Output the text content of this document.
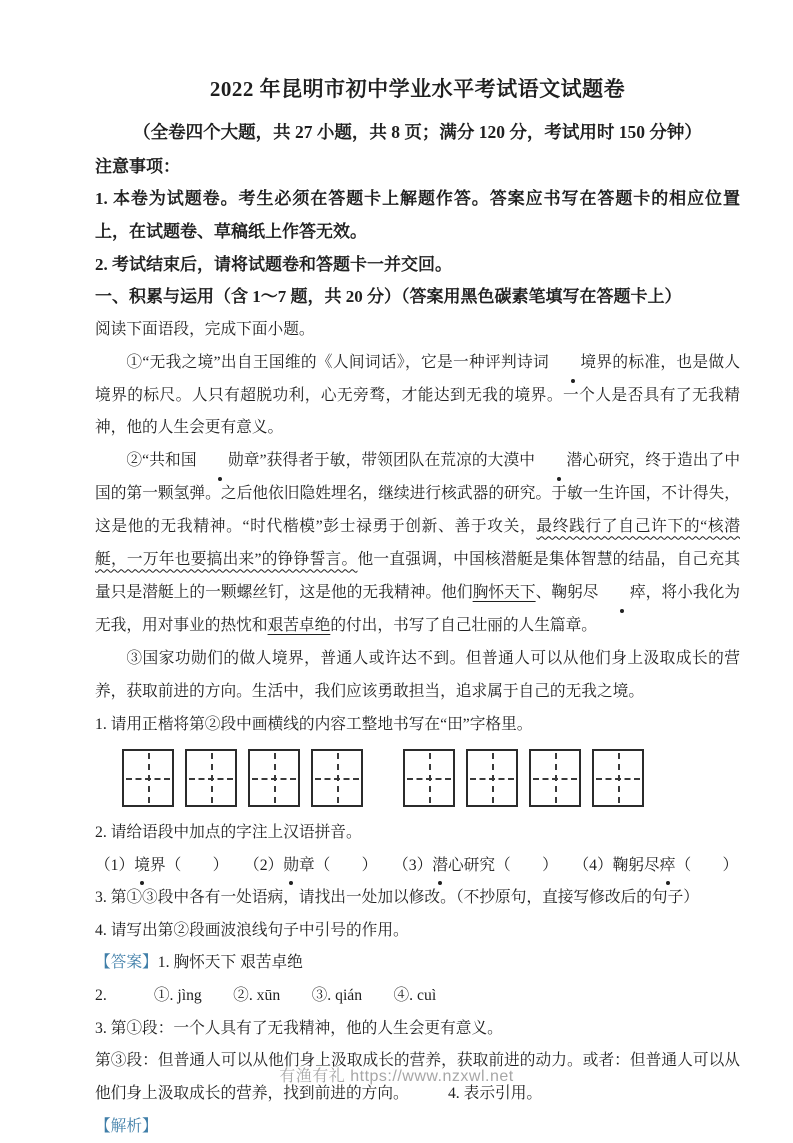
2022 年昆明市初中学业水平考试语文试题卷

（全卷四个大题，共 27 小题，共 8 页；满分 120 分，考试用时 150 分钟）

注意事项：

1. 本卷为试题卷。考生必须在答题卡上解题作答。答案应书写在答题卡的相应位置上，在试题卷、草稿纸上作答无效。

2. 考试结束后，请将试题卷和答题卡一并交回。

一、积累与运用（含 1～7 题，共 20 分）（答案用黑色碳素笔填写在答题卡上）

阅读下面语段，完成下面小题。

①“无我之境”出自王国维的《人间词话》，它是一种评判诗词 境界的标准，也是做人境界的标尺。人只有超脱功利，心无旁骛，才能达到无我的境界。一个人是否具有了无我精神，他的人生会更有意义。

②“共和国 勋章”获得者于敏，带领团队在荒凉的大漠中 潜心研究，终于造出了中国的第一颗氢弹。之后他依旧隐姓埋名，继续进行核武器的研究。于敏一生许国，不计得失，这是他的无我精神。“时代楷模”彭士禄勇于创新、善于攻关，最终践行了自己许下的“核潜艇，一万年也要搞出来”的铮铮誓言。他一直强调，中国核潜艇是集体智慧的结晶，自己充其量只是潜艇上的一颗螺丝钉，这是他的无我精神。他们胸怀天下、鞠躬尽 瘁，将小我化为无我，用对事业的热忱和艰苦卓绝的付出，书写了自己壮丽的人生篇章。

③国家功勋们的做人境界，普通人或许达不到。但普通人可以从他们身上汲取成长的营养，获取前进的方向。生活中，我们应该勇敢担当，追求属于自己的无我之境。

1. 请用正楷将第②段中画横线的内容工整地书写在“田”字格里。

2. 请给语段中加点的字注上汉语拼音。

（1）境界（　　）　　（2）勋章（　　）　　（3）潜心研究（　　）　　（4）鞠躬尽瘁（　　）

3. 第①③段中各有一处语病，请找出一处加以修改。（不抄原句，直接写修改后的句子）

4. 请写出第②段画波浪线句子中引号的作用。

【答案】1. 胸怀天下 艰苦卓绝

2.　　　①. jìng　　②. xūn　　③. qián　　④. cuì

3. 第①段：一个人具有了无我精神，他的人生会更有意义。

第③段：但普通人可以从他们身上汲取成长的营养，获取前进的动力。或者：但普通人可以从他们身上汲取成长的营养，找到前进的方向。　　　4. 表示引用。

【解析】

有渔有礼 https://www.nzxwl.net
